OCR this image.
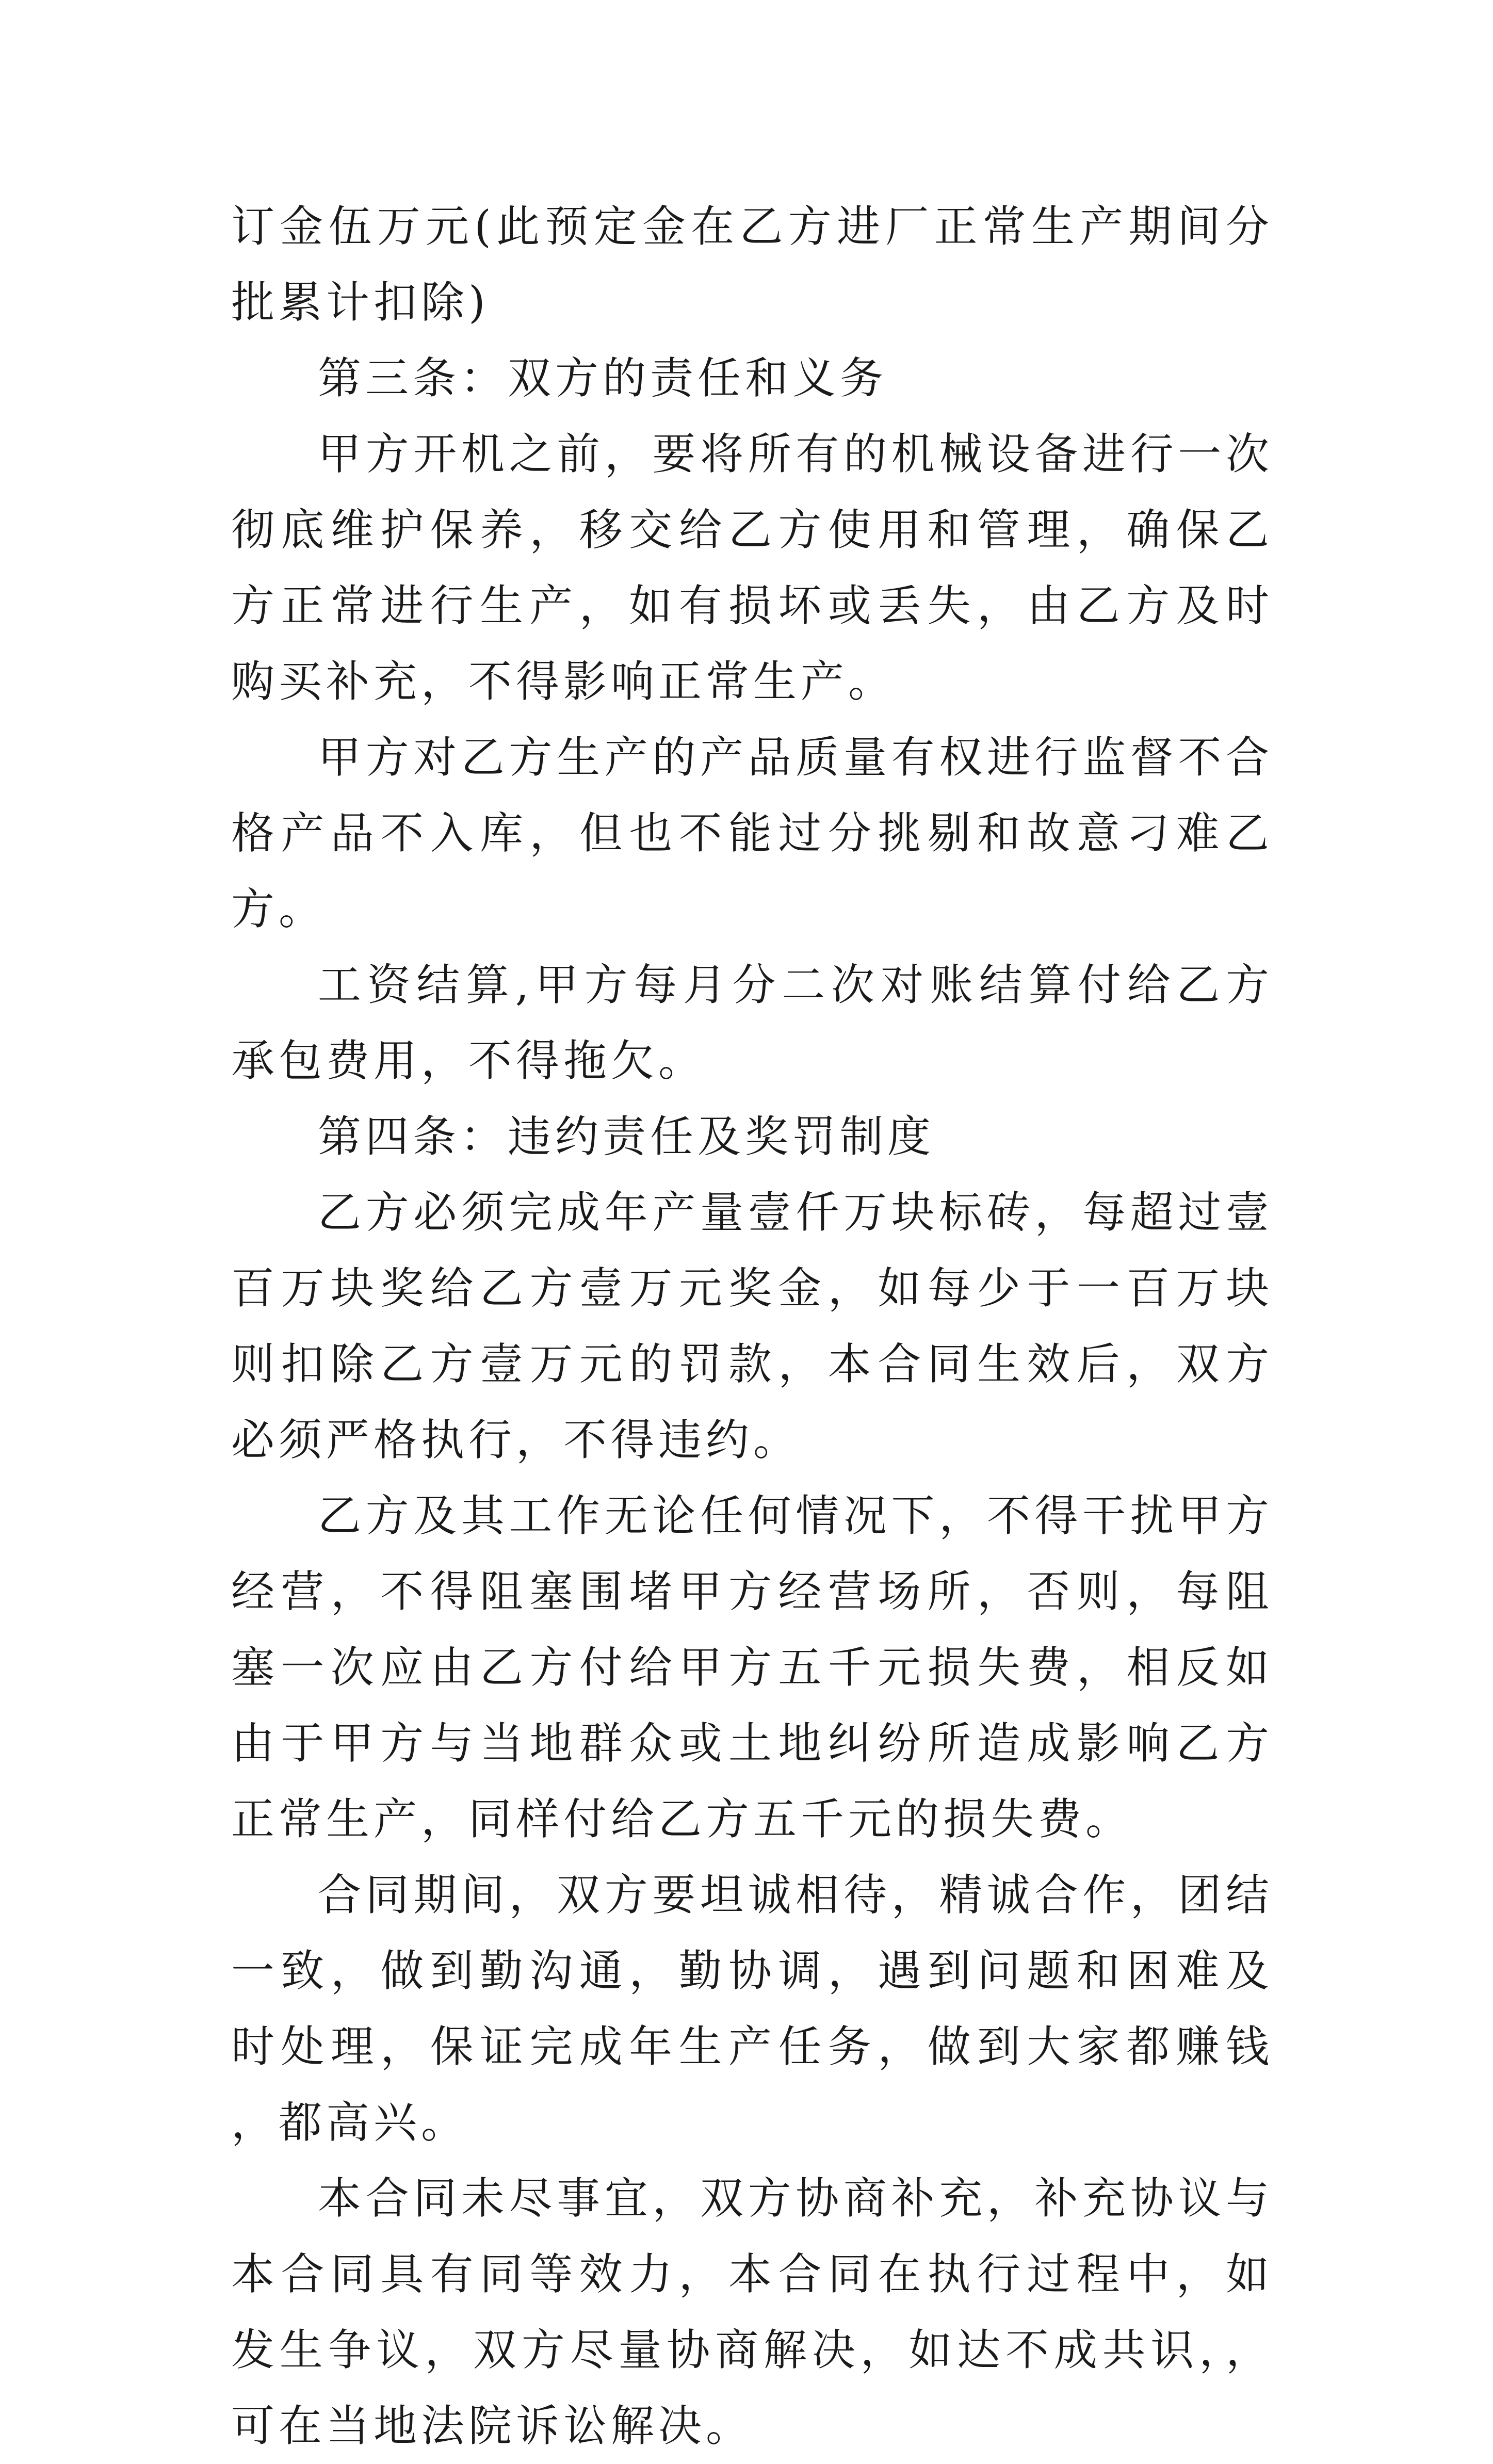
订金伍万元(此预定金在乙方进厂正常生产期间分批累计扣除)

第三条：双方的责任和义务

甲方开机之前，要将所有的机械设备进行一次彻底维护保养，移交给乙方使用和管理，确保乙方正常进行生产，如有损坏或丢失，由乙方及时购买补充，不得影响正常生产。

甲方对乙方生产的产品质量有权进行监督不合格产品不入库，但也不能过分挑剔和故意刁难乙方。

工资结算,甲方每月分二次对账结算付给乙方承包费用，不得拖欠。

第四条：违约责任及奖罚制度

乙方必须完成年产量壹仟万块标砖，每超过壹百万块奖给乙方壹万元奖金，如每少于一百万块则扣除乙方壹万元的罚款，本合同生效后，双方必须严格执行，不得违约。

乙方及其工作无论任何情况下，不得干扰甲方经营，不得阻塞围堵甲方经营场所，否则，每阻塞一次应由乙方付给甲方五千元损失费，相反如由于甲方与当地群众或土地纠纷所造成影响乙方正常生产，同样付给乙方五千元的损失费。

合同期间，双方要坦诚相待，精诚合作，团结一致，做到勤沟通，勤协调，遇到问题和困难及时处理，保证完成年生产任务，做到大家都赚钱，都高兴。

本合同未尽事宜，双方协商补充，补充协议与本合同具有同等效力，本合同在执行过程中，如发生争议，双方尽量协商解决，如达不成共识，，可在当地法院诉讼解决。
